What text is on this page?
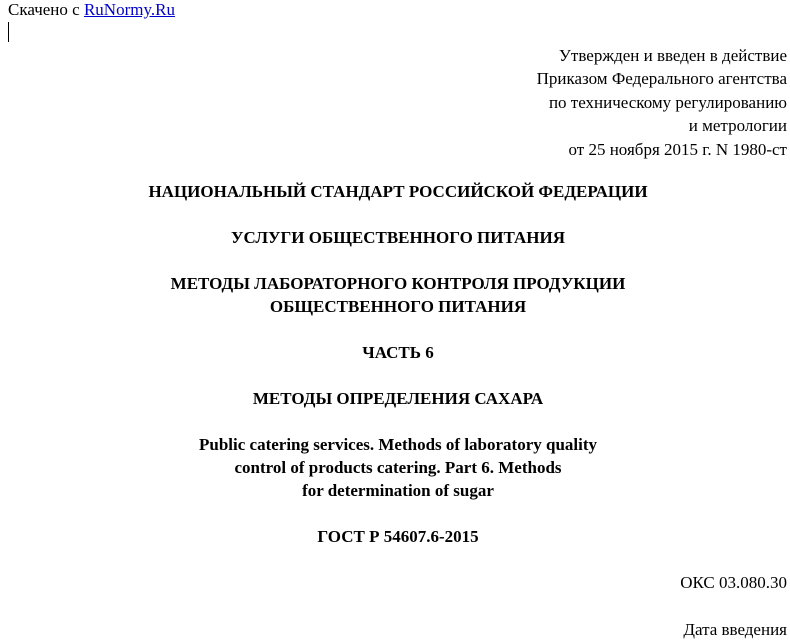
Скачено с RuNormy.Ru
Утвержден и введен в действие
Приказом Федерального агентства
по техническому регулированию
и метрологии
от 25 ноября 2015 г. N 1980-ст
НАЦИОНАЛЬНЫЙ СТАНДАРТ РОССИЙСКОЙ ФЕДЕРАЦИИ
УСЛУГИ ОБЩЕСТВЕННОГО ПИТАНИЯ
МЕТОДЫ ЛАБОРАТОРНОГО КОНТРОЛЯ ПРОДУКЦИИ
ОБЩЕСТВЕННОГО ПИТАНИЯ
ЧАСТЬ 6
МЕТОДЫ ОПРЕДЕЛЕНИЯ САХАРА
Public catering services. Methods of laboratory quality
control of products catering. Part 6. Methods
for determination of sugar
ГОСТ Р 54607.6-2015
ОКС 03.080.30
Дата введения
